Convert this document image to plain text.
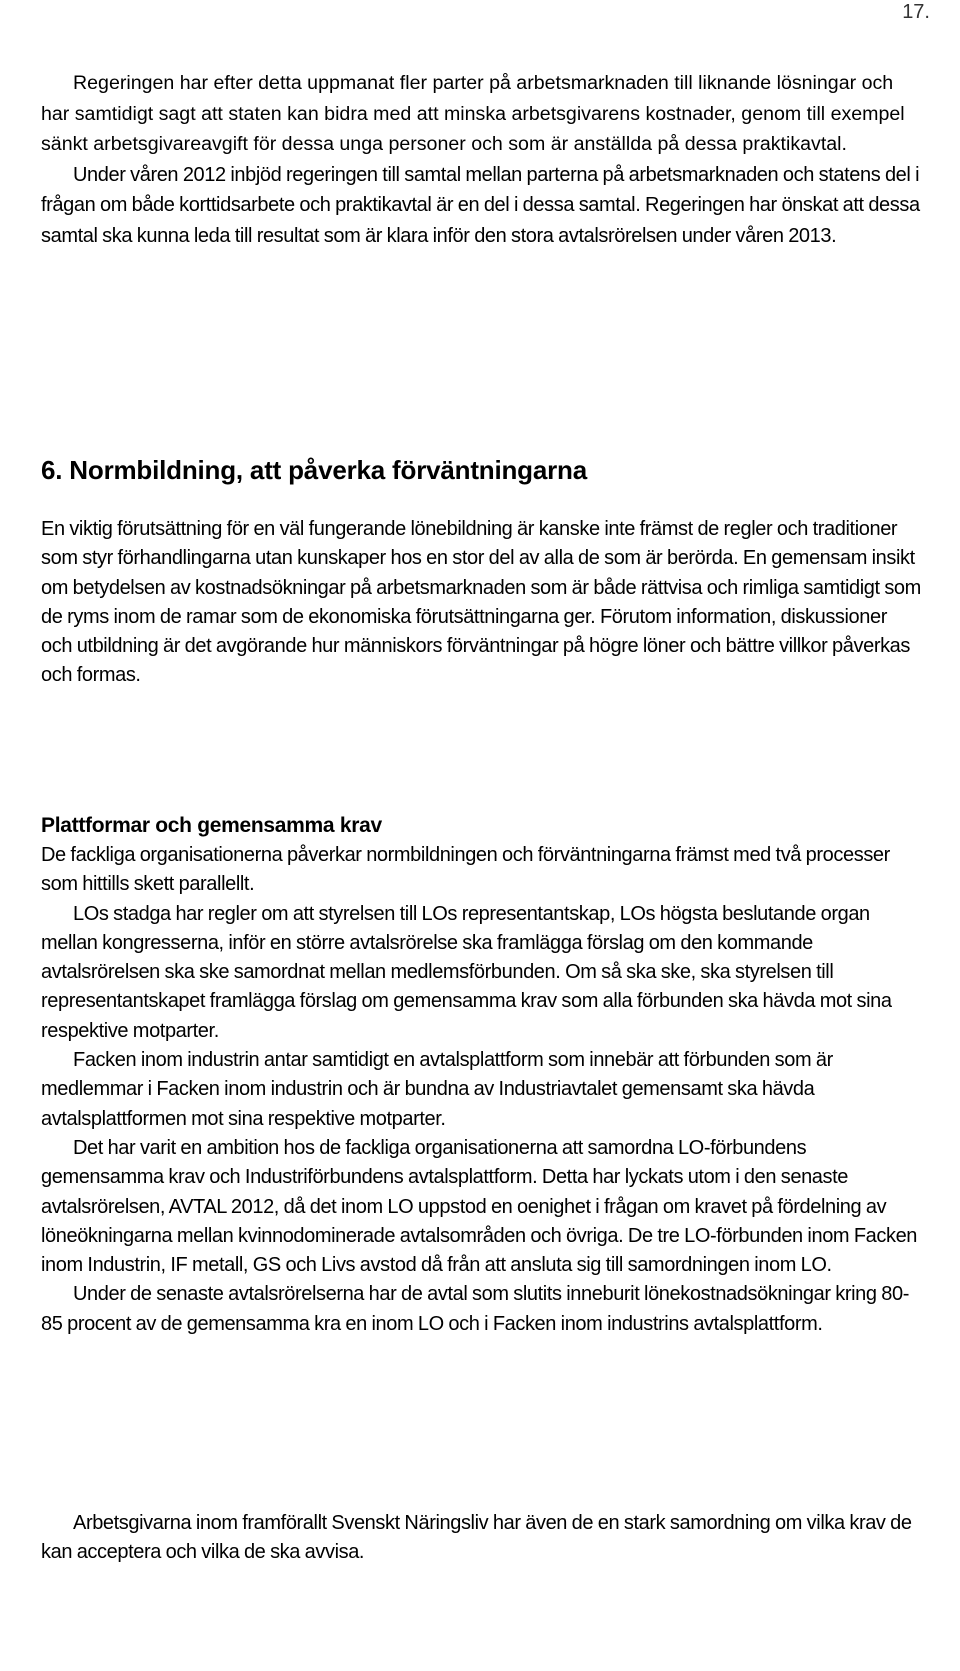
17.

Regeringen har efter detta uppmanat fler parter på arbetsmarknaden till liknande lösningar och har samtidigt sagt att staten kan bidra med att minska arbetsgivarens kostnader, genom till exempel sänkt arbetsgivareavgift för dessa unga personer och som är anställda på dessa praktikavtal.

Under våren 2012 inbjöd regeringen till samtal mellan parterna på arbetsmarknaden och statens del i frågan om både korttidsarbete och praktikavtal är en del i dessa samtal. Regeringen har önskat att dessa samtal ska kunna leda till resultat som är klara inför den stora avtalsrörelsen under våren 2013.

6. Normbildning, att påverka förväntningarna

En viktig förutsättning för en väl fungerande lönebildning är kanske inte främst de regler och traditioner som styr förhandlingarna utan kunskaper hos en stor del av alla de som är berörda. En gemensam insikt om betydelsen av kostnadsökningar på arbetsmarknaden som är både rättvisa och rimliga samtidigt som de ryms inom de ramar som de ekonomiska förutsättningarna ger. Förutom information, diskussioner och utbildning är det avgörande hur människors förväntningar på högre löner och bättre villkor påverkas och formas.

Plattformar och gemensamma krav

De fackliga organisationerna påverkar normbildningen och förväntningarna främst med två processer som hittills skett parallellt.

LOs stadga har regler om att styrelsen till LOs representantskap, LOs högsta beslutande organ mellan kongresserna, inför en större avtalsrörelse ska framlägga förslag om den kommande avtalsrörelsen ska ske samordnat mellan medlemsförbunden. Om så ska ske, ska styrelsen till representantskapet framlägga förslag om gemensamma krav som alla förbunden ska hävda mot sina respektive motparter.

Facken inom industrin antar samtidigt en avtalsplattform som innebär att förbunden som är medlemmar i Facken inom industrin och är bundna av Industriavtalet gemensamt ska hävda avtalsplattformen mot sina respektive motparter.

Det har varit en ambition hos de fackliga organisationerna att samordna LO-förbundens gemensamma krav och Industriförbundens avtalsplattform. Detta har lyckats utom i den senaste avtalsrörelsen, AVTAL 2012, då det inom LO uppstod en oenighet i frågan om kravet på fördelning av löneökningarna mellan kvinnodominerade avtalsområden och övriga. De tre LO-förbunden inom Facken inom Industrin, IF metall, GS och Livs avstod då från att ansluta sig till samordningen inom LO.

Under de senaste avtalsrörelserna har de avtal som slutits inneburit lönekostnadsökningar kring 80-85 procent av de gemensamma kra en inom LO och i Facken inom industrins avtalsplattform.

Arbetsgivarna inom framförallt Svenskt Näringsliv har även de en stark samordning om vilka krav de kan acceptera och vilka de ska avvisa.
